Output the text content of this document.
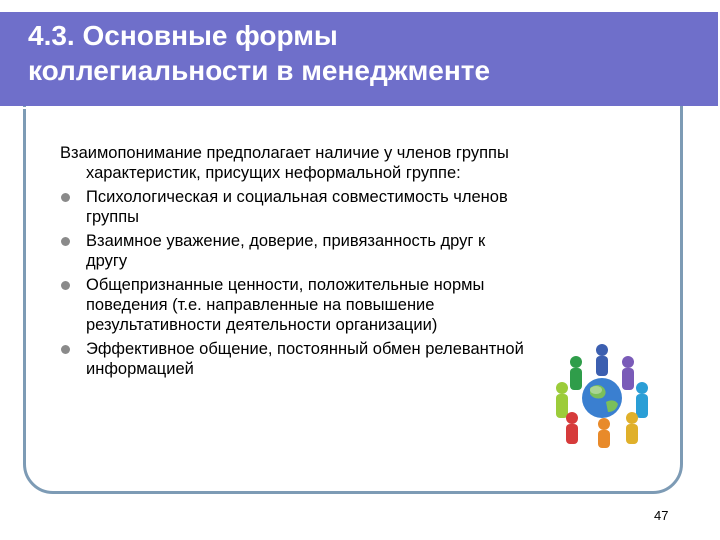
4.3. Основные формы
коллегиальности в менеджменте

Взаимопонимание предполагает наличие у членов группы характеристик, присущих неформальной группе:

Психологическая и социальная совместимость членов группы
Взаимное уважение, доверие, привязанность друг к другу
Общепризнанные ценности, положительные нормы поведения (т.е. направленные на повышение результативности деятельности организации)
Эффективное общение, постоянный обмен релевантной информацией
47
